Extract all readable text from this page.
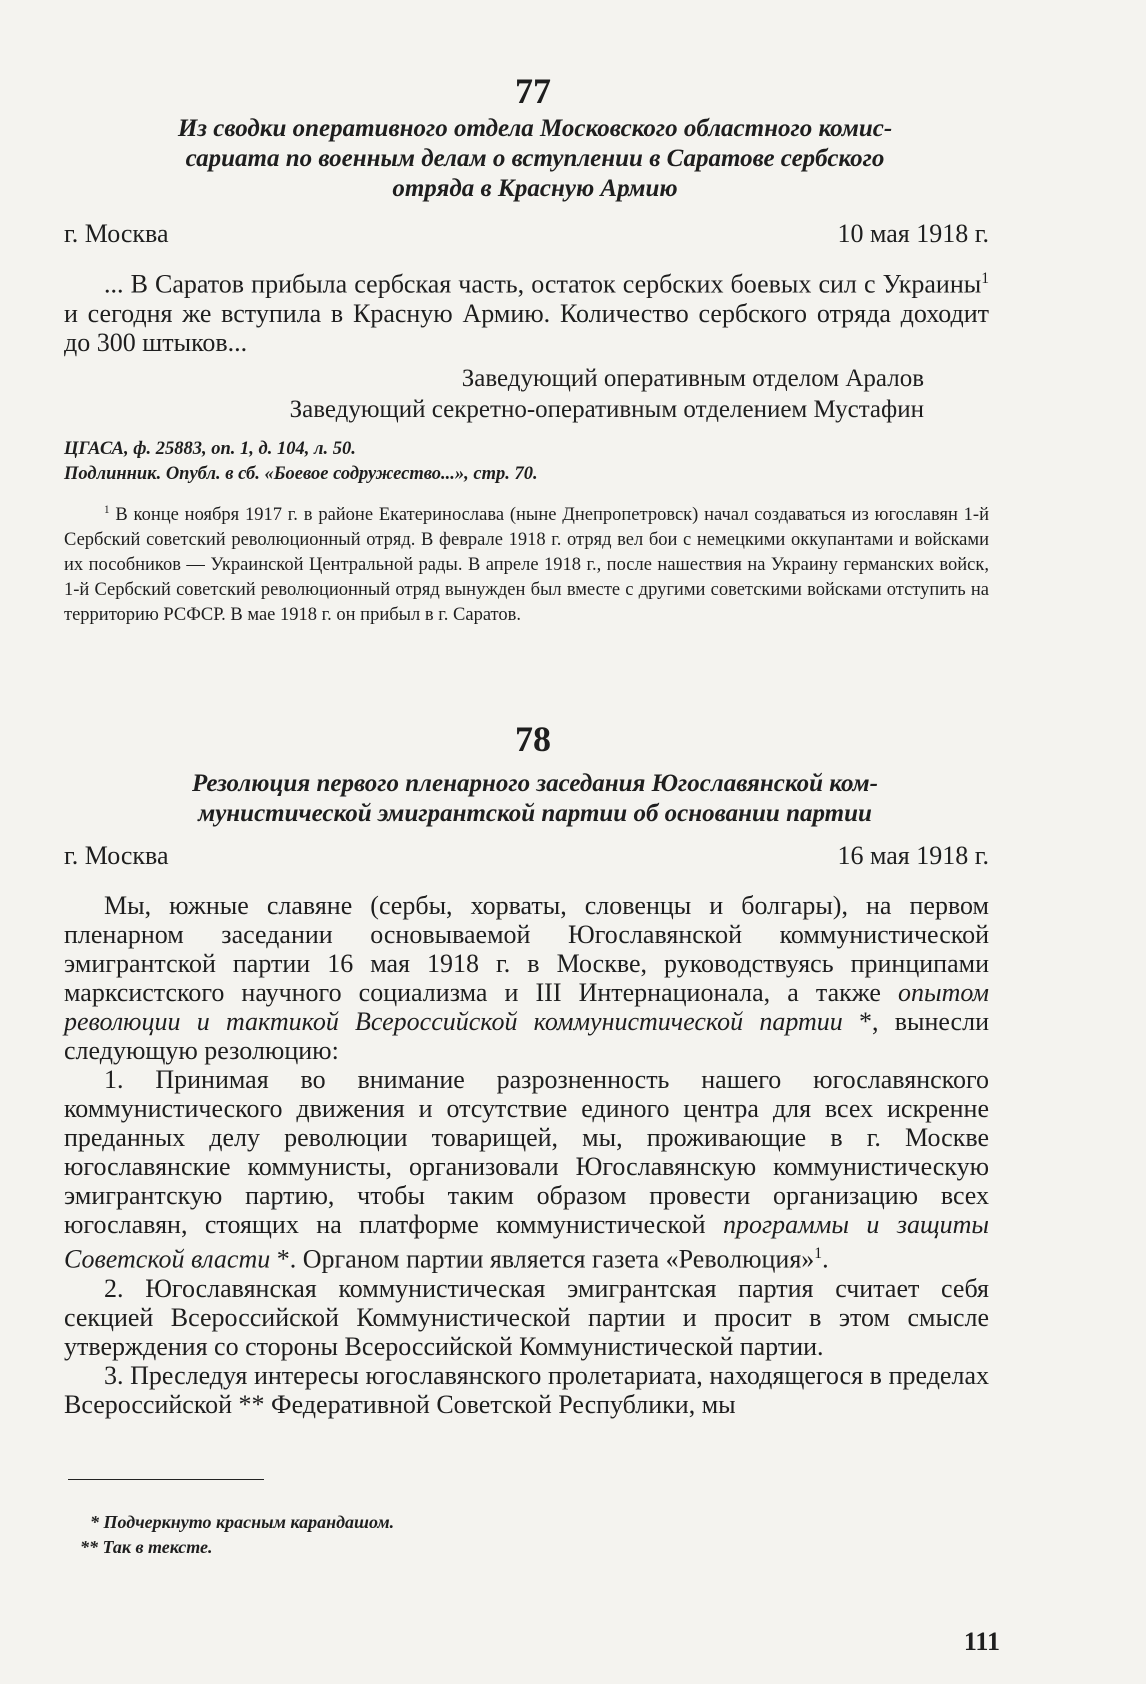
77
Из сводки оперативного отдела Московского областного комис-
сариата по военным делам о вступлении в Саратове сербского
отряда в Красную Армию
г. Москва	10 мая 1918 г.

... В Саратов прибыла сербская часть, остаток сербских боевых сил с Украины$^1$ и сегодня же вступила в Красную Армию. Количество сербского отряда доходит до 300 штыков...

Заведующий оперативным отделом Аралов
Заведующий секретно-оперативным отделением Мустафин
ЦГАСА, ф. 25883, оп. 1, д. 104, л. 50.
Подлинник. Опубл. в сб. «Боевое содружество...», стр. 70.

$^1$ В конце ноября 1917 г. в районе Екатеринослава (ныне Днепропетровск) начал создаваться из югославян 1-й Сербский советский революционный отряд. В феврале 1918 г. отряд вел бои с немецкими оккупантами и войсками их пособников — Украинской Центральной рады. В апреле 1918 г., после нашествия на Украину германских войск, 1-й Сербский советский революционный отряд вынужден был вместе с другими советскими войсками отступить на территорию РСФСР. В мае 1918 г. он прибыл в г. Саратов.

78
Резолюция первого пленарного заседания Югославянской ком-
мунистической эмигрантской партии об основании партии
г. Москва	16 мая 1918 г.

Мы, южные славяне (сербы, хорваты, словенцы и болгары), на первом пленарном заседании основываемой Югославянской коммунистической эмигрантской партии 16 мая 1918 г. в Москве, руководствуясь принципами марксистского научного социализма и III Интернационала, а также опытом революции и тактикой Всероссийской коммунистической партии *, вынесли следующую резолюцию:

1. Принимая во внимание разрозненность нашего югославянского коммунистического движения и отсутствие единого центра для всех искренне преданных делу революции товарищей, мы, проживающие в г. Москве югославянские коммунисты, организовали Югославянскую коммунистическую эмигрантскую партию, чтобы таким образом провести организацию всех югославян, стоящих на платформе коммунистической программы и защиты Советской власти *. Органом партии является газета «Революция»$^1$.

2. Югославянская коммунистическая эмигрантская партия считает себя секцией Всероссийской Коммунистической партии и просит в этом смысле утверждения со стороны Всероссийской Коммунистической партии.

3. Преследуя интересы югославянского пролетариата, находящегося в пределах Всероссийской ** Федеративной Советской Республики, мы

* Подчеркнуто красным карандашом.
** Так в тексте.
111
